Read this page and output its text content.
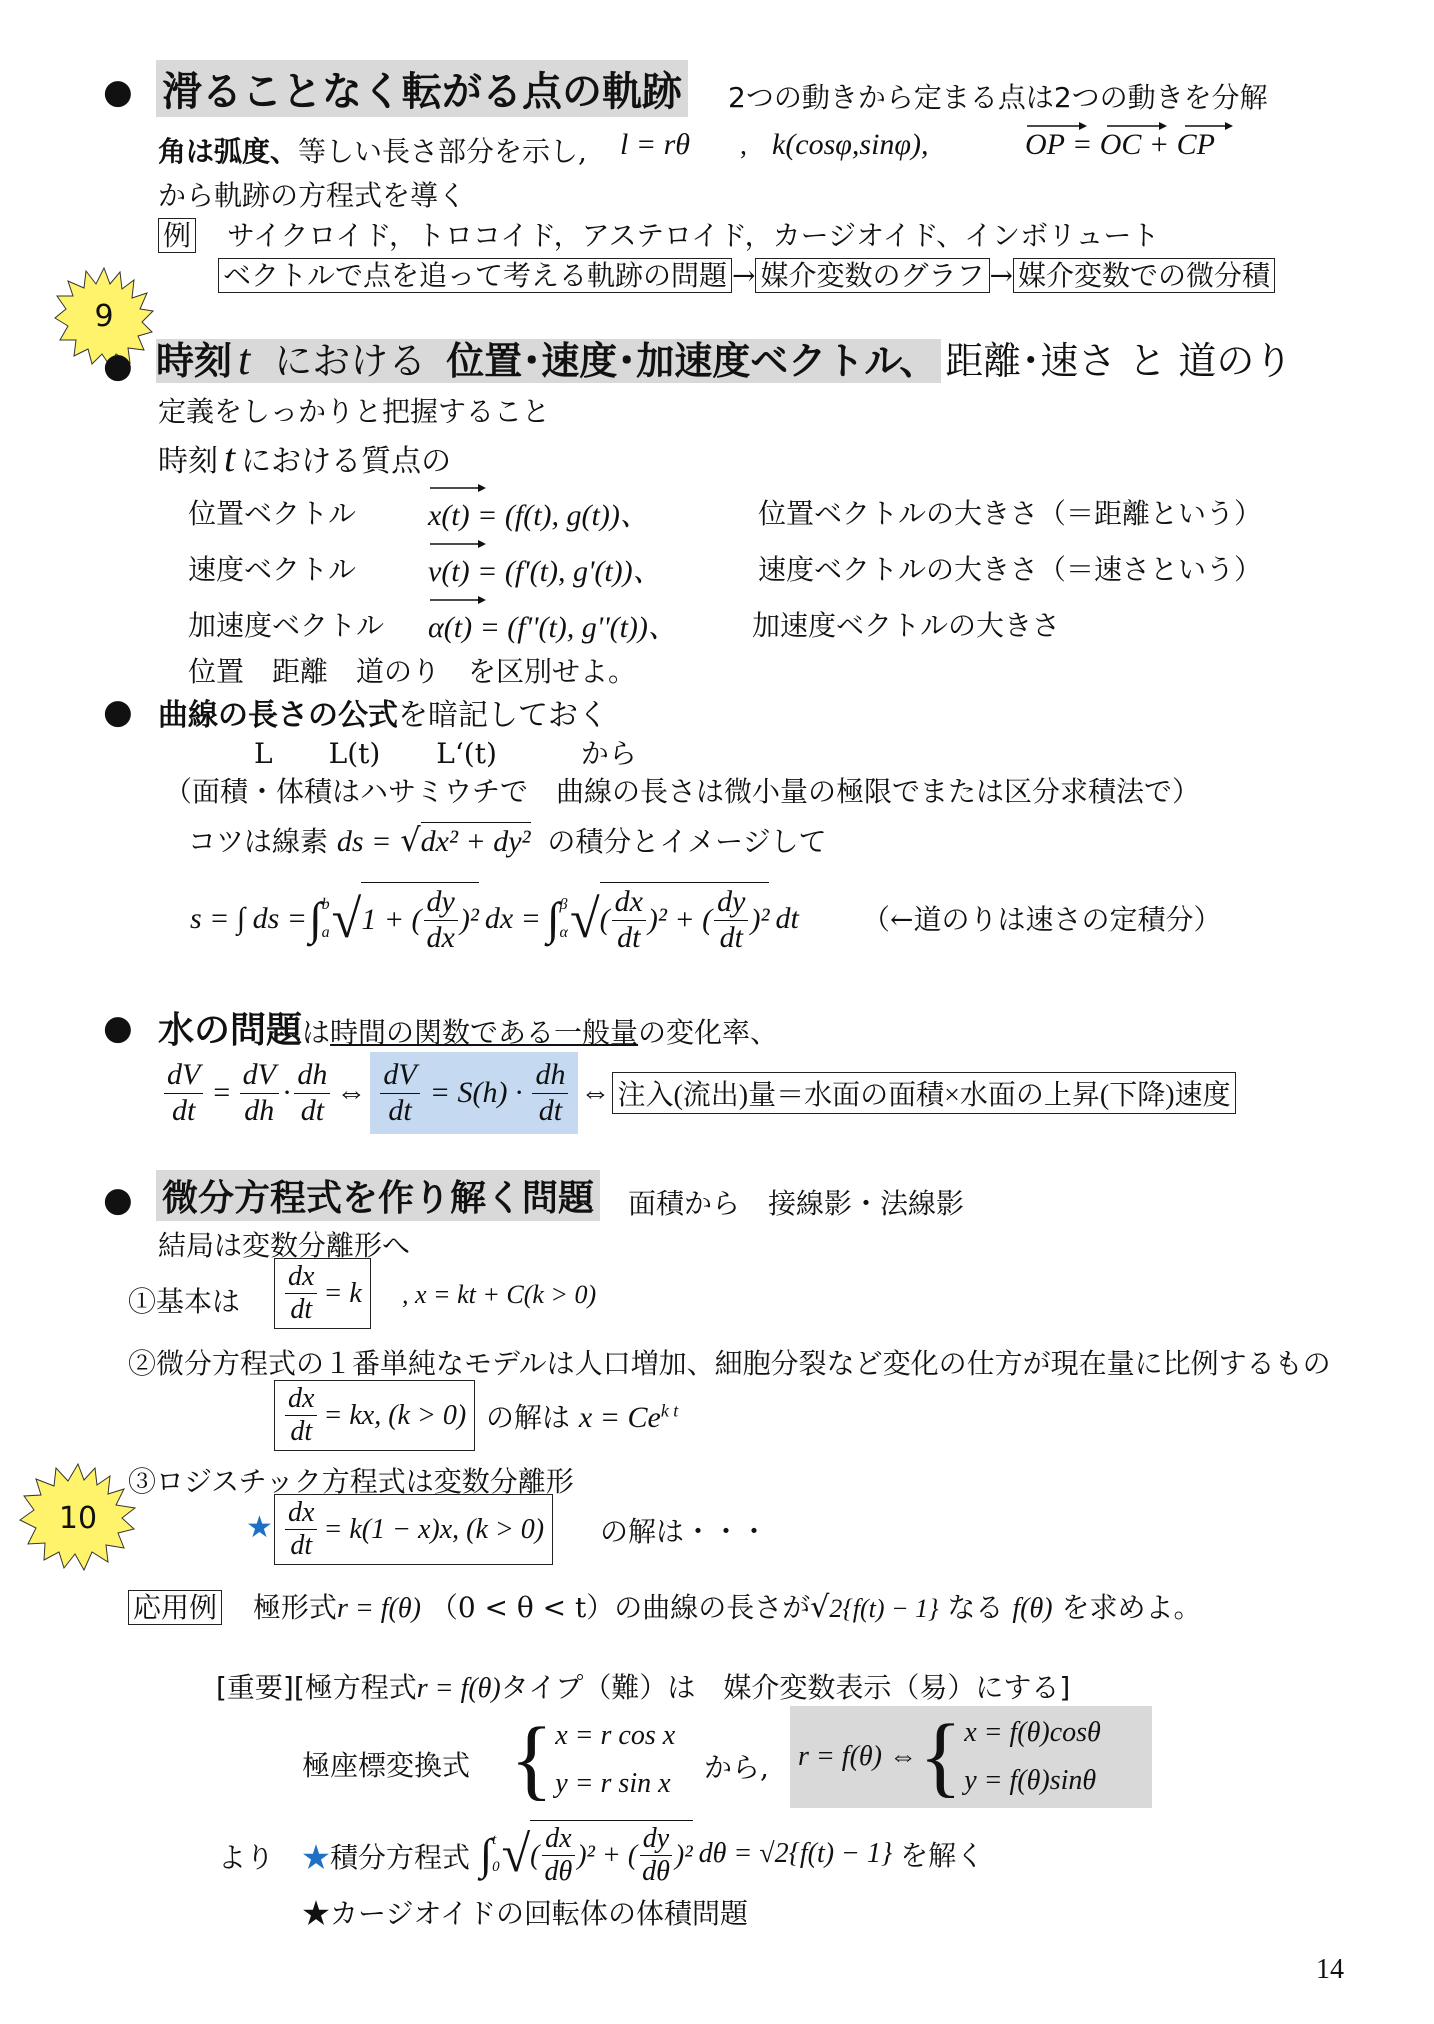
9
10
● 滑ることなく転がる点の軌跡 2つの動きから定まる点は2つの動きを分解
角は弧度、等しい長さ部分を示し, l = rθ , k(cosφ,sinφ),	OP = OC + CP
から軌跡の方程式を導く
例 サイクロイド，トロコイド，アステロイド，カージオイド、インボリュート
ベクトルで点を追って考える軌跡の問題 → 媒介変数のグラフ → 媒介変数での微分積
● 時刻 t における 位置･速度･加速度ベクトル、 距離･速さ と 道のり
定義をしっかりと把握すること
時刻 t における質点の
位置ベクトル x(t) = (f(t), g(t))、	位置ベクトルの大きさ（＝距離という）
速度ベクトル v(t) = (f'(t), g'(t))、	速度ベクトルの大きさ（＝速さという）
加速度ベクトル α(t) = (f''(t), g''(t))、	加速度ベクトルの大きさ
位置　距離　道のり　を区別せよ。
● 曲線の長さの公式を暗記しておく
L　　L(t)　　L‘(t)　　　から
（面積・体積はハサミウチで　曲線の長さは微小量の極限でまたは区分求積法で）
コツは線素 ds = √dx² + dy² の積分とイメージして
s = ∫ ds = ∫ b
a √ 1 + ( $\frac{dy}{dx} )^2$ dx = ∫ β
α √ ( $\frac{dx}{dt} )^2$ + ( $\frac{dy}{dt} )^2$ dt （←道のりは速さの定積分）
● 水の問題は時間の関数である一般量の変化率、
$\frac{dV}{dt} = \frac{dV}{dh} \cdot \frac{dh}{dt}$ ⇔ $\frac{dV}{dt} = S(h) \cdot \frac{dh}{dt}$ ⇔ 注入(流出)量＝水面の面積×水面の上昇(下降)速度
● 微分方程式を作り解く問題 面積から　接線影・法線影
結局は変数分離形へ
①基本は $\frac{dx}{dt} = k$ , x = kt + C(k > 0)
②微分方程式の１番単純なモデルは人口増加、細胞分裂など変化の仕方が現在量に比例するもの
$\frac{dx}{dt}$ = kx, (k > 0) の解は $x = Ce^{k t}$
③ロジスチック方程式は変数分離形
★ $\frac{dx}{dt} = k(1 - x)x$, (k > 0) の解は・・・
応用例 極形式r = f(θ) （0 < θ < t）の曲線の長さが√2{f(t) − 1} なる f(θ) を求めよ。
[重要][極方程式r = f(θ)タイプ（難）は　媒介変数表示（易）にする]
極座標変換式 { x = r cos x
y = r sin x から, r = f(θ) ⇔ { x = f(θ)cosθ
y = f(θ)sinθ
より ★積分方程式 ∫ t
0 √ ( $\frac{dx}{d\theta} )^2$ + ( $\frac{dy}{d\theta} )^2$ dθ = √2{f(t) − 1} を解く
★カージオイドの回転体の体積問題
14
